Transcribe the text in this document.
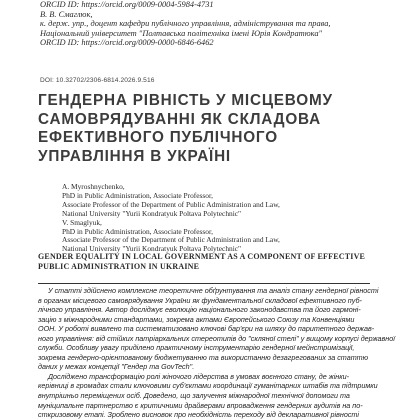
ORCID ID: https://orcid.org/0009-0004-5984-4731
В. В. Смаглюк,
к. держ. упр., доцент кафедри публічного управління, адміністрування та права,
Національний університет "Полтавська політехніка імені Юрія Кондратюка"
ORCID ID: https://orcid.org/0009-0000-6846-6462
DOI: 10.32702/2306-6814.2026.9.516
ГЕНДЕРНА РІВНІСТЬ У МІСЦЕВОМУ САМОВРЯДУВАННІ ЯК СКЛАДОВА ЕФЕКТИВНОГО ПУБЛІЧНОГО УПРАВЛІННЯ В УКРАЇНІ
A. Myroshnychenko,
PhD in Public Administration, Associate Professor,
Associate Professor of the Department of Public Administration and Law,
National University "Yurii Kondratyuk Poltava Polytechnic"
V. Smaglyuk,
PhD in Public Administration, Associate Professor,
Associate Professor of the Department of Public Administration and Law,
National University "Yurii Kondratyuk Poltava Polytechnic"
GENDER EQUALITY IN LOCAL GOVERNMENT AS A COMPONENT OF EFFECTIVE PUBLIC ADMINISTRATION IN UKRAINE
У статті здійснено комплексне теоретичне обґрунтування та аналіз стану гендерної рівності
в органах місцевого самоврядування України як фундаментальної складової ефективного пуб-
лічного управління. Автор досліджує еволюцію національного законодавства та його гармоні-
зацію з міжнародними стандартами, зокрема актами Європейського Союзу та Конвенціями
ООН. У роботі виявлено та систематизовано ключові бар'єри на шляху до паритетного держав-
ного управління: від стійких патріархальних стереотипів до "скляної стелі" у вищому корпусі державної
служби. Особливу увагу приділено практичному інструментарію гендерної мейнстримізації,
зокрема гендерно-орієнтованому бюджетуванню та використанню дезагрегованих за статтю
даних у межах концепції "Гендер та GovTech".
Досліджено трансформацію ролі жіночого лідерства в умовах воєнного стану, де жінки-
керівниці в громадах стали ключовими суб'єктами координації гуманітарних штабів та підтримки
внутрішньо переміщених осіб. Доведено, що залучення міжнародної технічної допомоги та
муніципальне партнерство є критичними драйверами впровадження гендерних аудитів на по-
сткризовому етапі. Зроблено висновок про необхідність переходу від декларативної рівності
